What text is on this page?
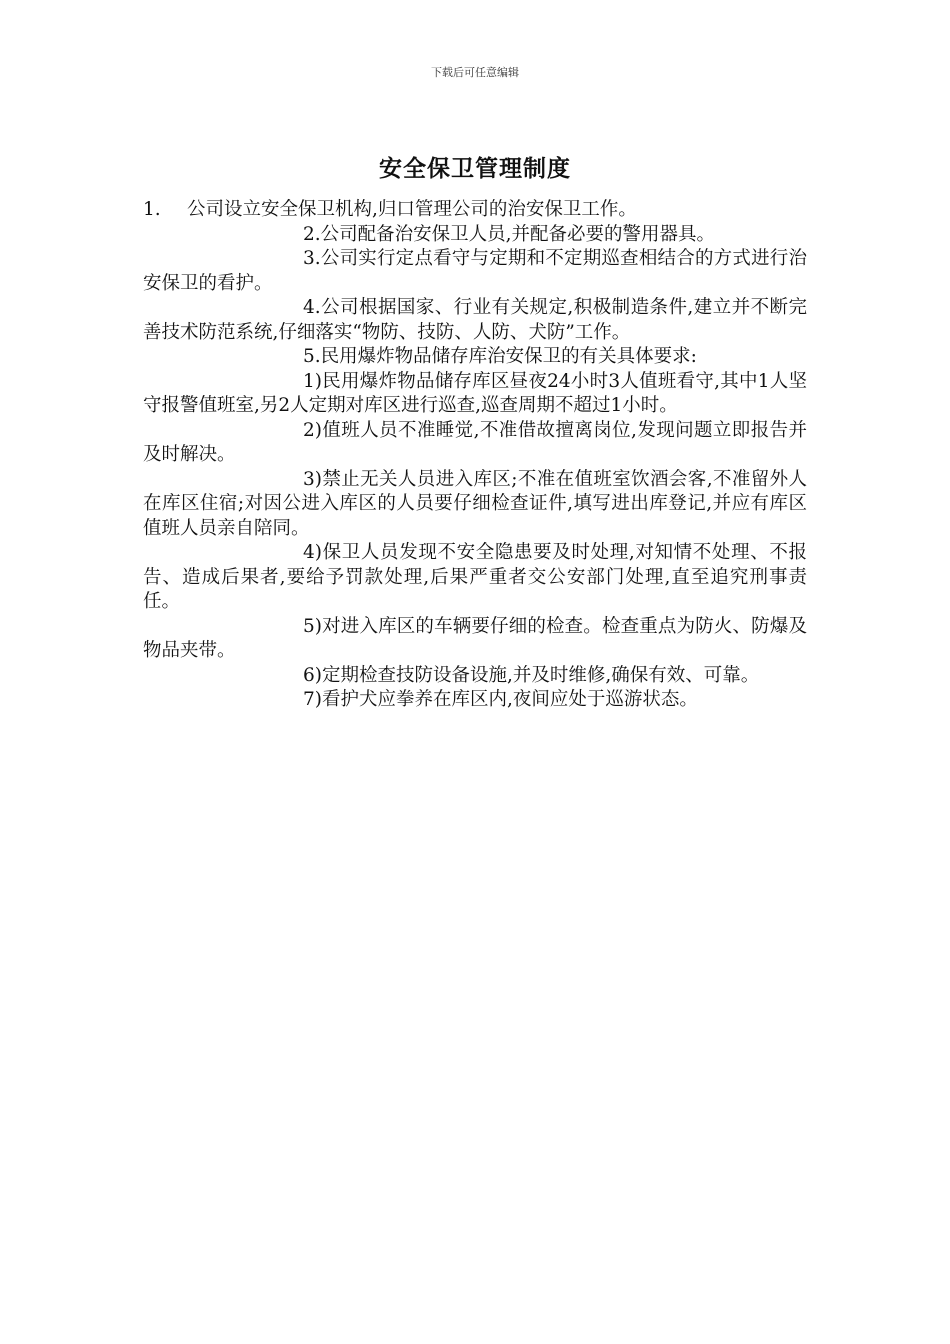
下载后可任意编辑
安全保卫管理制度

1. 公司设立安全保卫机构,归口管理公司的治安保卫工作。

2.公司配备治安保卫人员,并配备必要的警用器具。

3.公司实行定点看守与定期和不定期巡查相结合的方式进行治安保卫的看护。

4.公司根据国家、行业有关规定,积极制造条件,建立并不断完善技术防范系统,仔细落实“物防、技防、人防、犬防”工作。

5.民用爆炸物品储存库治安保卫的有关具体要求:

1)民用爆炸物品储存库区昼夜24小时3人值班看守,其中1人坚守报警值班室,另2人定期对库区进行巡查,巡查周期不超过1小时。

2)值班人员不准睡觉,不准借故擅离岗位,发现问题立即报告并及时解决。

3)禁止无关人员进入库区;不准在值班室饮酒会客,不准留外人在库区住宿;对因公进入库区的人员要仔细检查证件,填写进出库登记,并应有库区值班人员亲自陪同。

4)保卫人员发现不安全隐患要及时处理,对知情不处理、不报告、造成后果者,要给予罚款处理,后果严重者交公安部门处理,直至追究刑事责任。

5)对进入库区的车辆要仔细的检查。检查重点为防火、防爆及物品夹带。

6)定期检查技防设备设施,并及时维修,确保有效、可靠。

7)看护犬应拳养在库区内,夜间应处于巡游状态。
